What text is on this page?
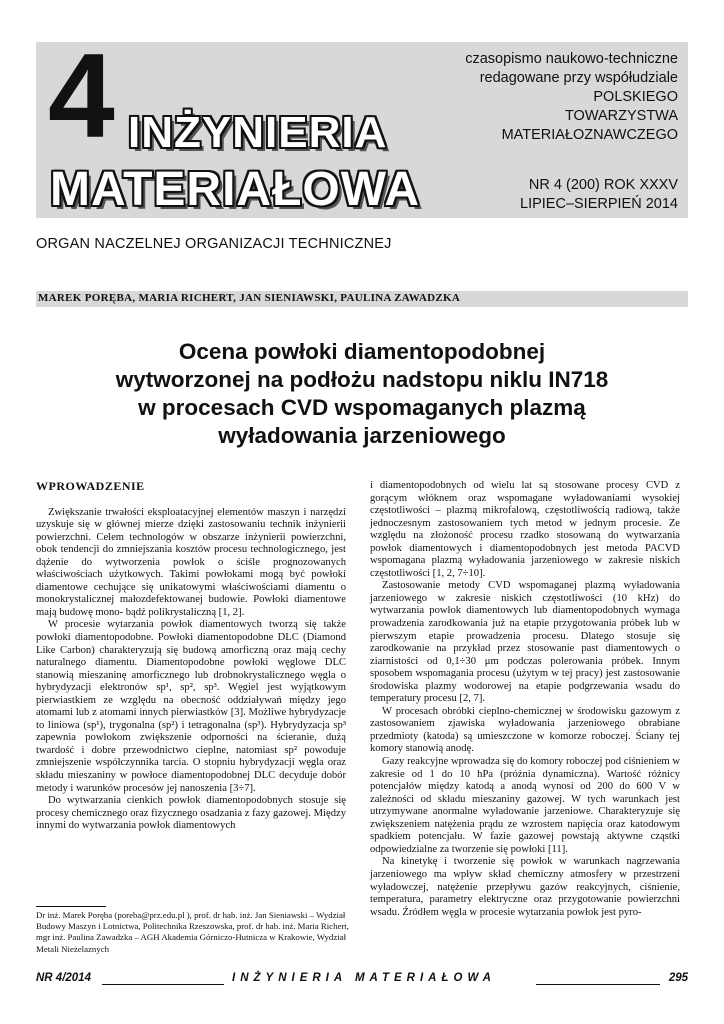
4 INŻYNIERIA
MATERIAŁOWA
czasopismo naukowo-techniczne
redagowane przy współudziale
POLSKIEGO
TOWARZYSTWA
MATERIAŁOZNAWCZEGO
NR 4 (200) ROK XXXV
LIPIEC–SIERPIEŃ 2014
ORGAN NACZELNEJ ORGANIZACJI TECHNICZNEJ
MAREK PORĘBA, MARIA RICHERT, JAN SIENIAWSKI, PAULINA ZAWADZKA
Ocena powłoki diamentopodobnej
wytworzonej na podłożu nadstopu niklu IN718
w procesach CVD wspomaganych plazmą
wyładowania jarzeniowego

WPROWADZENIE

Zwiększanie trwałości eksploatacyjnej elementów maszyn i narzędzi uzyskuje się w głównej mierze dzięki zastosowaniu technik inżynierii powierzchni. Celem technologów w obszarze inżynierii powierzchni, obok tendencji do zmniejszania kosztów procesu technologicznego, jest dążenie do wytworzenia powłok o ściśle prognozowanych właściwościach użytkowych. Takimi powłokami mogą być powłoki diamentowe cechujące się unikatowymi właściwościami diamentu o monokrystalicznej małozdefektowanej budowie. Powłoki diamentowe mają budowę mono- bądź polikrystaliczną [1, 2].

W procesie wytarzania powłok diamentowych tworzą się także powłoki diamentopodobne. Powłoki diamentopodobne DLC (Diamond Like Carbon) charakteryzują się budową amorficzną oraz mają cechy naturalnego diamentu. Diamentopodobne powłoki węglowe DLC stanowią mieszaninę amorficznego lub drobnokrystalicznego węgla o hybrydyzacji elektronów sp¹, sp², sp³. Węgiel jest wyjątkowym pierwiastkiem ze względu na obecność oddziaływań między jego atomami lub z atomami innych pierwiastków [3]. Możliwe hybrydyzacje to liniowa (sp¹), trygonalna (sp²) i tetragonalna (sp³). Hybrydyzacja sp³ zapewnia powłokom zwiększenie odporności na ścieranie, dużą twardość i dobre przewodnictwo cieplne, natomiast sp² powoduje zmniejszenie współczynnika tarcia. O stopniu hybrydyzacji węgla oraz składu mieszaniny w powłoce diamentopodobnej DLC decyduje dobór metody i warunków procesów jej nanoszenia [3÷7].

Do wytwarzania cienkich powłok diamentopodobnych stosuje się procesy chemicznego oraz fizycznego osadzania z fazy gazowej. Między innymi do wytwarzania powłok diamentowych

i diamentopodobnych od wielu lat są stosowane procesy CVD z gorącym włóknem oraz wspomagane wyładowaniami wysokiej częstotliwości – plazmą mikrofalową, częstotliwością radiową, także jednoczesnym zastosowaniem tych metod w jednym procesie. Ze względu na złożoność procesu rzadko stosowaną do wytwarzania powłok diamentowych i diamentopodobnych jest metoda PACVD wspomagana plazmą wyładowania jarzeniowego w zakresie niskich częstotliwości [1, 2, 7÷10].

Zastosowanie metody CVD wspomaganej plazmą wyładowania jarzeniowego w zakresie niskich częstotliwości (10 kHz) do wytwarzania powłok diamentowych lub diamentopodobnych wymaga prowadzenia zarodkowania już na etapie przygotowania próbek lub w pierwszym etapie prowadzenia procesu. Dlatego stosuje się zarodkowanie na przykład przez stosowanie past diamentowych o ziarnistości od 0,1÷30 μm podczas polerowania próbek. Innym sposobem wspomagania procesu (użytym w tej pracy) jest zastosowanie środowiska plazmy wodorowej na etapie podgrzewania wsadu do temperatury procesu [2, 7].

W procesach obróbki cieplno-chemicznej w środowisku gazowym z zastosowaniem zjawiska wyładowania jarzeniowego obrabiane przedmioty (katoda) są umieszczone w komorze roboczej. Ściany tej komory stanowią anodę.

Gazy reakcyjne wprowadza się do komory roboczej pod ciśnieniem w zakresie od 1 do 10 hPa (próżnia dynamiczna). Wartość różnicy potencjałów między katodą a anodą wynosi od 200 do 600 V w zależności od składu mieszaniny gazowej. W tych warunkach jest utrzymywane anormalne wyładowanie jarzeniowe. Charakteryzuje się zwiększeniem natężenia prądu ze wzrostem napięcia oraz katodowym spadkiem potencjału. W fazie gazowej powstają aktywne cząstki odpowiedzialne za tworzenie się powłoki [11].

Na kinetykę i tworzenie się powłok w warunkach nagrzewania jarzeniowego ma wpływ skład chemiczny atmosfery w przestrzeni wyładowczej, natężenie przepływu gazów reakcyjnych, ciśnienie, temperatura, parametry elektryczne oraz przygotowanie powierzchni wsadu. Źródłem węgla w procesie wytarzania powłok jest pyro-

Dr inż. Marek Poręba (poreba@prz.edu.pl ), prof. dr hab. inż. Jan Sieniawski – Wydział Budowy Maszyn i Lotnictwa, Politechnika Rzeszowska, prof. dr hab. inż. Maria Richert, mgr inż. Paulina Zawadzka – AGH Akademia Górniczo-Hutnicza w Krakowie, Wydział Metali Nieżelaznych
NR 4/2014	INŻYNIERIA MATERIAŁOWA	295
